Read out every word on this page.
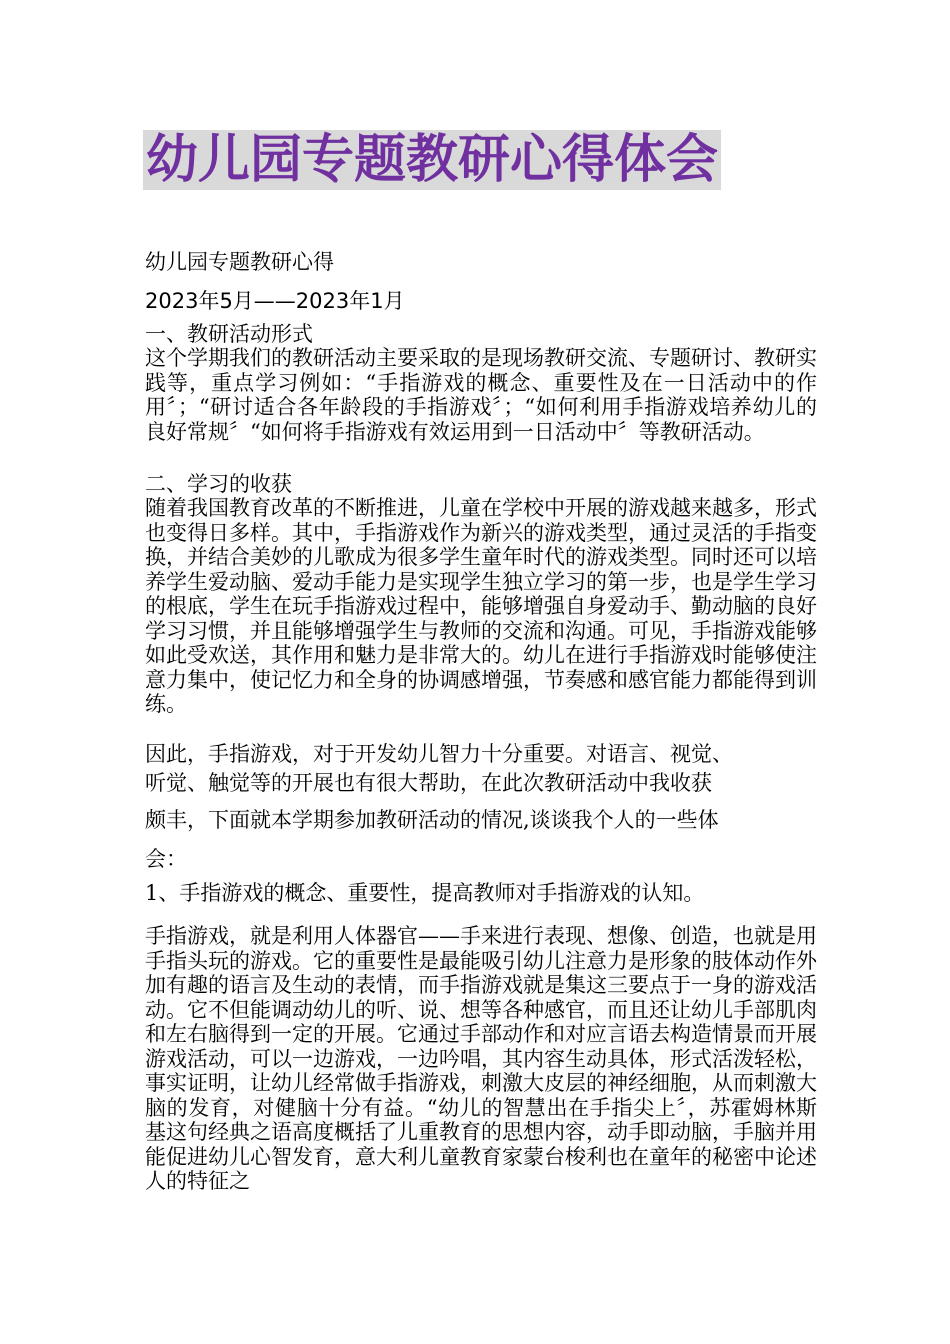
幼儿园专题教研心得体会
幼儿园专题教研心得
2023年5月——2023年1月
一、教研活动形式

这个学期我们的教研活动主要采取的是现场教研交流、专题研讨、教研实践等，重点学习例如：“手指游戏的概念、重要性及在一日活动中的作用〞；“研讨适合各年龄段的手指游戏〞；“如何利用手指游戏培养幼儿的良好常规〞“如何将手指游戏有效运用到一日活动中〞等教研活动。

二、学习的收获

随着我国教育改革的不断推进，儿童在学校中开展的游戏越来越多，形式也变得日多样。其中，手指游戏作为新兴的游戏类型，通过灵活的手指变换，并结合美妙的儿歌成为很多学生童年时代的游戏类型。同时还可以培养学生爱动脑、爱动手能力是实现学生独立学习的第一步，也是学生学习的根底，学生在玩手指游戏过程中，能够增强自身爱动手、勤动脑的良好学习习惯，并且能够增强学生与教师的交流和沟通。可见，手指游戏能够如此受欢送，其作用和魅力是非常大的。幼儿在进行手指游戏时能够使注意力集中，使记忆力和全身的协调感增强，节奏感和感官能力都能得到训练。

因此，手指游戏，对于开发幼儿智力十分重要。对语言、视觉、
听觉、触觉等的开展也有很大帮助，在此次教研活动中我收获
颇丰，下面就本学期参加教研活动的情况,谈谈我个人的一些体
会：
1、手指游戏的概念、重要性，提高教师对手指游戏的认知。

手指游戏，就是利用人体器官——手来进行表现、想像、创造，也就是用手指头玩的游戏。它的重要性是最能吸引幼儿注意力是形象的肢体动作外加有趣的语言及生动的表情，而手指游戏就是集这三要点于一身的游戏活动。它不但能调动幼儿的听、说、想等各种感官，而且还让幼儿手部肌肉和左右脑得到一定的开展。它通过手部动作和对应言语去构造情景而开展游戏活动，可以一边游戏，一边吟唱，其内容生动具体，形式活泼轻松，事实证明，让幼儿经常做手指游戏，刺激大皮层的神经细胞，从而刺激大脑的发育，对健脑十分有益。“幼儿的智慧出在手指尖上〞，苏霍姆林斯基这句经典之语高度概括了儿重教育的思想内容，动手即动脑，手脑并用能促进幼儿心智发育，意大利儿童教育家蒙台梭利也在童年的秘密中论述人的特征之
